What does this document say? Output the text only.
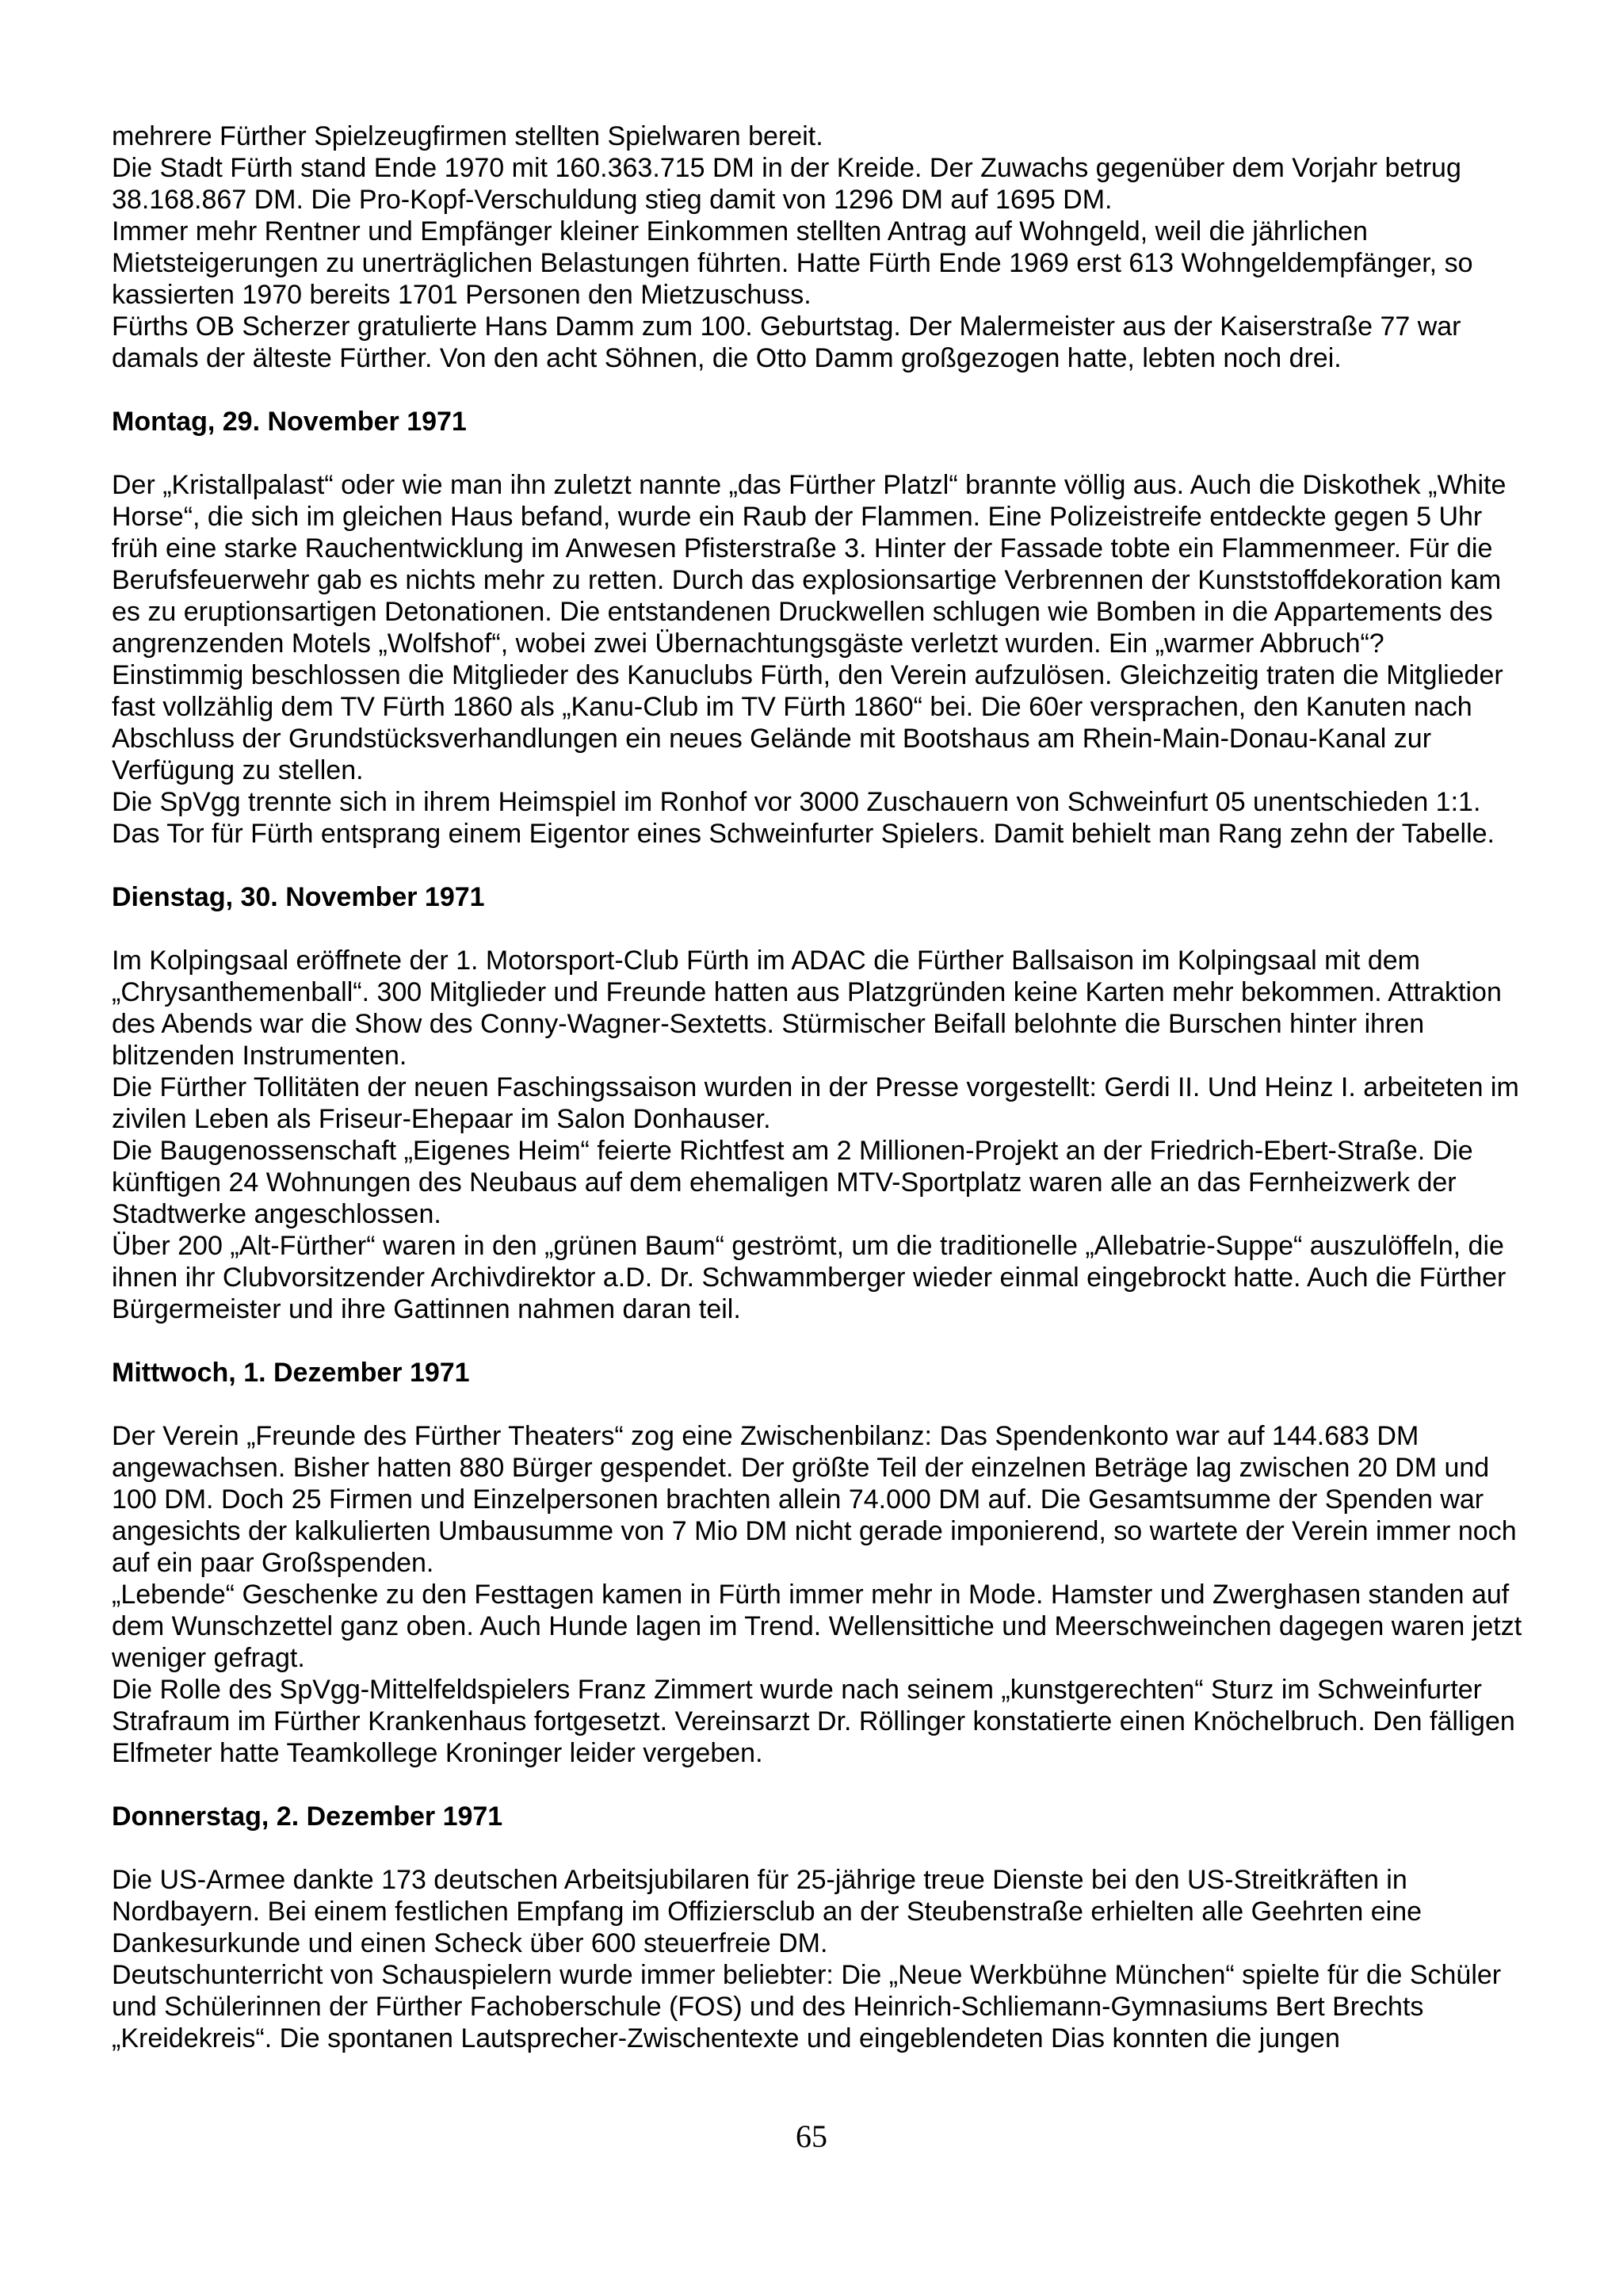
mehrere Fürther Spielzeugfirmen stellten Spielwaren bereit.

Die Stadt Fürth stand Ende 1970 mit 160.363.715 DM in der Kreide. Der Zuwachs gegenüber dem Vorjahr betrug 38.168.867 DM. Die Pro-Kopf-Verschuldung stieg damit von 1296 DM auf 1695 DM.

Immer mehr Rentner und Empfänger kleiner Einkommen stellten Antrag auf Wohngeld, weil die jährlichen Mietsteigerungen zu unerträglichen Belastungen führten. Hatte Fürth Ende 1969 erst 613 Wohngeldempfänger, so kassierten 1970 bereits 1701 Personen den Mietzuschuss.

Fürths OB Scherzer gratulierte Hans Damm zum 100. Geburtstag. Der Malermeister aus der Kaiserstraße 77 war damals der älteste Fürther. Von den acht Söhnen, die Otto Damm großgezogen hatte, lebten noch drei.

Montag, 29. November 1971

Der „Kristallpalast“ oder wie man ihn zuletzt nannte „das Fürther Platzl“ brannte völlig aus. Auch die Diskothek „White Horse“, die sich im gleichen Haus befand, wurde ein Raub der Flammen. Eine Polizeistreife entdeckte gegen 5 Uhr früh eine starke Rauchentwicklung im Anwesen Pfisterstraße 3. Hinter der Fassade tobte ein Flammenmeer. Für die Berufsfeuerwehr gab es nichts mehr zu retten. Durch das explosionsartige Verbrennen der Kunststoffdekoration kam es zu eruptionsartigen Detonationen. Die entstandenen Druckwellen schlugen wie Bomben in die Appartements des angrenzenden Motels „Wolfshof“, wobei zwei Übernachtungsgäste verletzt wurden. Ein „warmer Abbruch“?

Einstimmig beschlossen die Mitglieder des Kanuclubs Fürth, den Verein aufzulösen. Gleichzeitig traten die Mitglieder fast vollzählig dem TV Fürth 1860 als „Kanu-Club im TV Fürth 1860“ bei. Die 60er versprachen, den Kanuten nach Abschluss der Grundstücksverhandlungen ein neues Gelände mit Bootshaus am Rhein-Main-Donau-Kanal zur Verfügung zu stellen.

Die SpVgg trennte sich in ihrem Heimspiel im Ronhof vor 3000 Zuschauern von Schweinfurt 05 unentschieden 1:1. Das Tor für Fürth entsprang einem Eigentor eines Schweinfurter Spielers. Damit behielt man Rang zehn der Tabelle.

Dienstag, 30. November 1971

Im Kolpingsaal eröffnete der 1. Motorsport-Club Fürth im ADAC die Fürther Ballsaison im Kolpingsaal mit dem „Chrysanthemenball“. 300 Mitglieder und Freunde hatten aus Platzgründen keine Karten mehr bekommen. Attraktion des Abends war die Show des Conny-Wagner-Sextetts. Stürmischer Beifall belohnte die Burschen hinter ihren blitzenden Instrumenten.

Die Fürther Tollitäten der neuen Faschingssaison wurden in der Presse vorgestellt: Gerdi II. Und Heinz I. arbeiteten im zivilen Leben als Friseur-Ehepaar im Salon Donhauser.

Die Baugenossenschaft „Eigenes Heim“ feierte Richtfest am 2 Millionen-Projekt an der Friedrich-Ebert-Straße. Die künftigen 24 Wohnungen des Neubaus auf dem ehemaligen MTV-Sportplatz waren alle an das Fernheizwerk der Stadtwerke angeschlossen.

Über 200 „Alt-Fürther“ waren in den „grünen Baum“ geströmt, um die traditionelle „Allebatrie-Suppe“ auszulöffeln, die ihnen ihr Clubvorsitzender Archivdirektor a.D. Dr. Schwammberger wieder einmal eingebrockt hatte. Auch die Fürther Bürgermeister und ihre Gattinnen nahmen daran teil.

Mittwoch, 1. Dezember 1971

Der Verein „Freunde des Fürther Theaters“ zog eine Zwischenbilanz: Das Spendenkonto war auf 144.683 DM angewachsen. Bisher hatten 880 Bürger gespendet. Der größte Teil der einzelnen Beträge lag zwischen 20 DM und 100 DM. Doch 25 Firmen und Einzelpersonen brachten allein 74.000 DM auf. Die Gesamtsumme der Spenden war angesichts der kalkulierten Umbausumme von 7 Mio DM nicht gerade imponierend, so wartete der Verein immer noch auf ein paar Großspenden.

„Lebende“ Geschenke zu den Festtagen kamen in Fürth immer mehr in Mode. Hamster und Zwerghasen standen auf dem Wunschzettel ganz oben. Auch Hunde lagen im Trend. Wellensittiche und Meerschweinchen dagegen waren jetzt weniger gefragt.

Die Rolle des SpVgg-Mittelfeldspielers Franz Zimmert wurde nach seinem „kunstgerechten“ Sturz im Schweinfurter Strafraum im Fürther Krankenhaus fortgesetzt. Vereinsarzt Dr. Röllinger konstatierte einen Knöchelbruch. Den fälligen Elfmeter hatte Teamkollege Kroninger leider vergeben.

Donnerstag, 2. Dezember 1971

Die US-Armee dankte 173 deutschen Arbeitsjubilaren für 25-jährige treue Dienste bei den US-Streitkräften in Nordbayern. Bei einem festlichen Empfang im Offiziersclub an der Steubenstraße erhielten alle Geehrten eine Dankesurkunde und einen Scheck über 600 steuerfreie DM.

Deutschunterricht von Schauspielern wurde immer beliebter: Die „Neue Werkbühne München“ spielte für die Schüler und Schülerinnen der Fürther Fachoberschule (FOS) und des Heinrich-Schliemann-Gymnasiums Bert Brechts „Kreidekreis“. Die spontanen Lautsprecher-Zwischentexte und eingeblendeten Dias konnten die jungen

65
